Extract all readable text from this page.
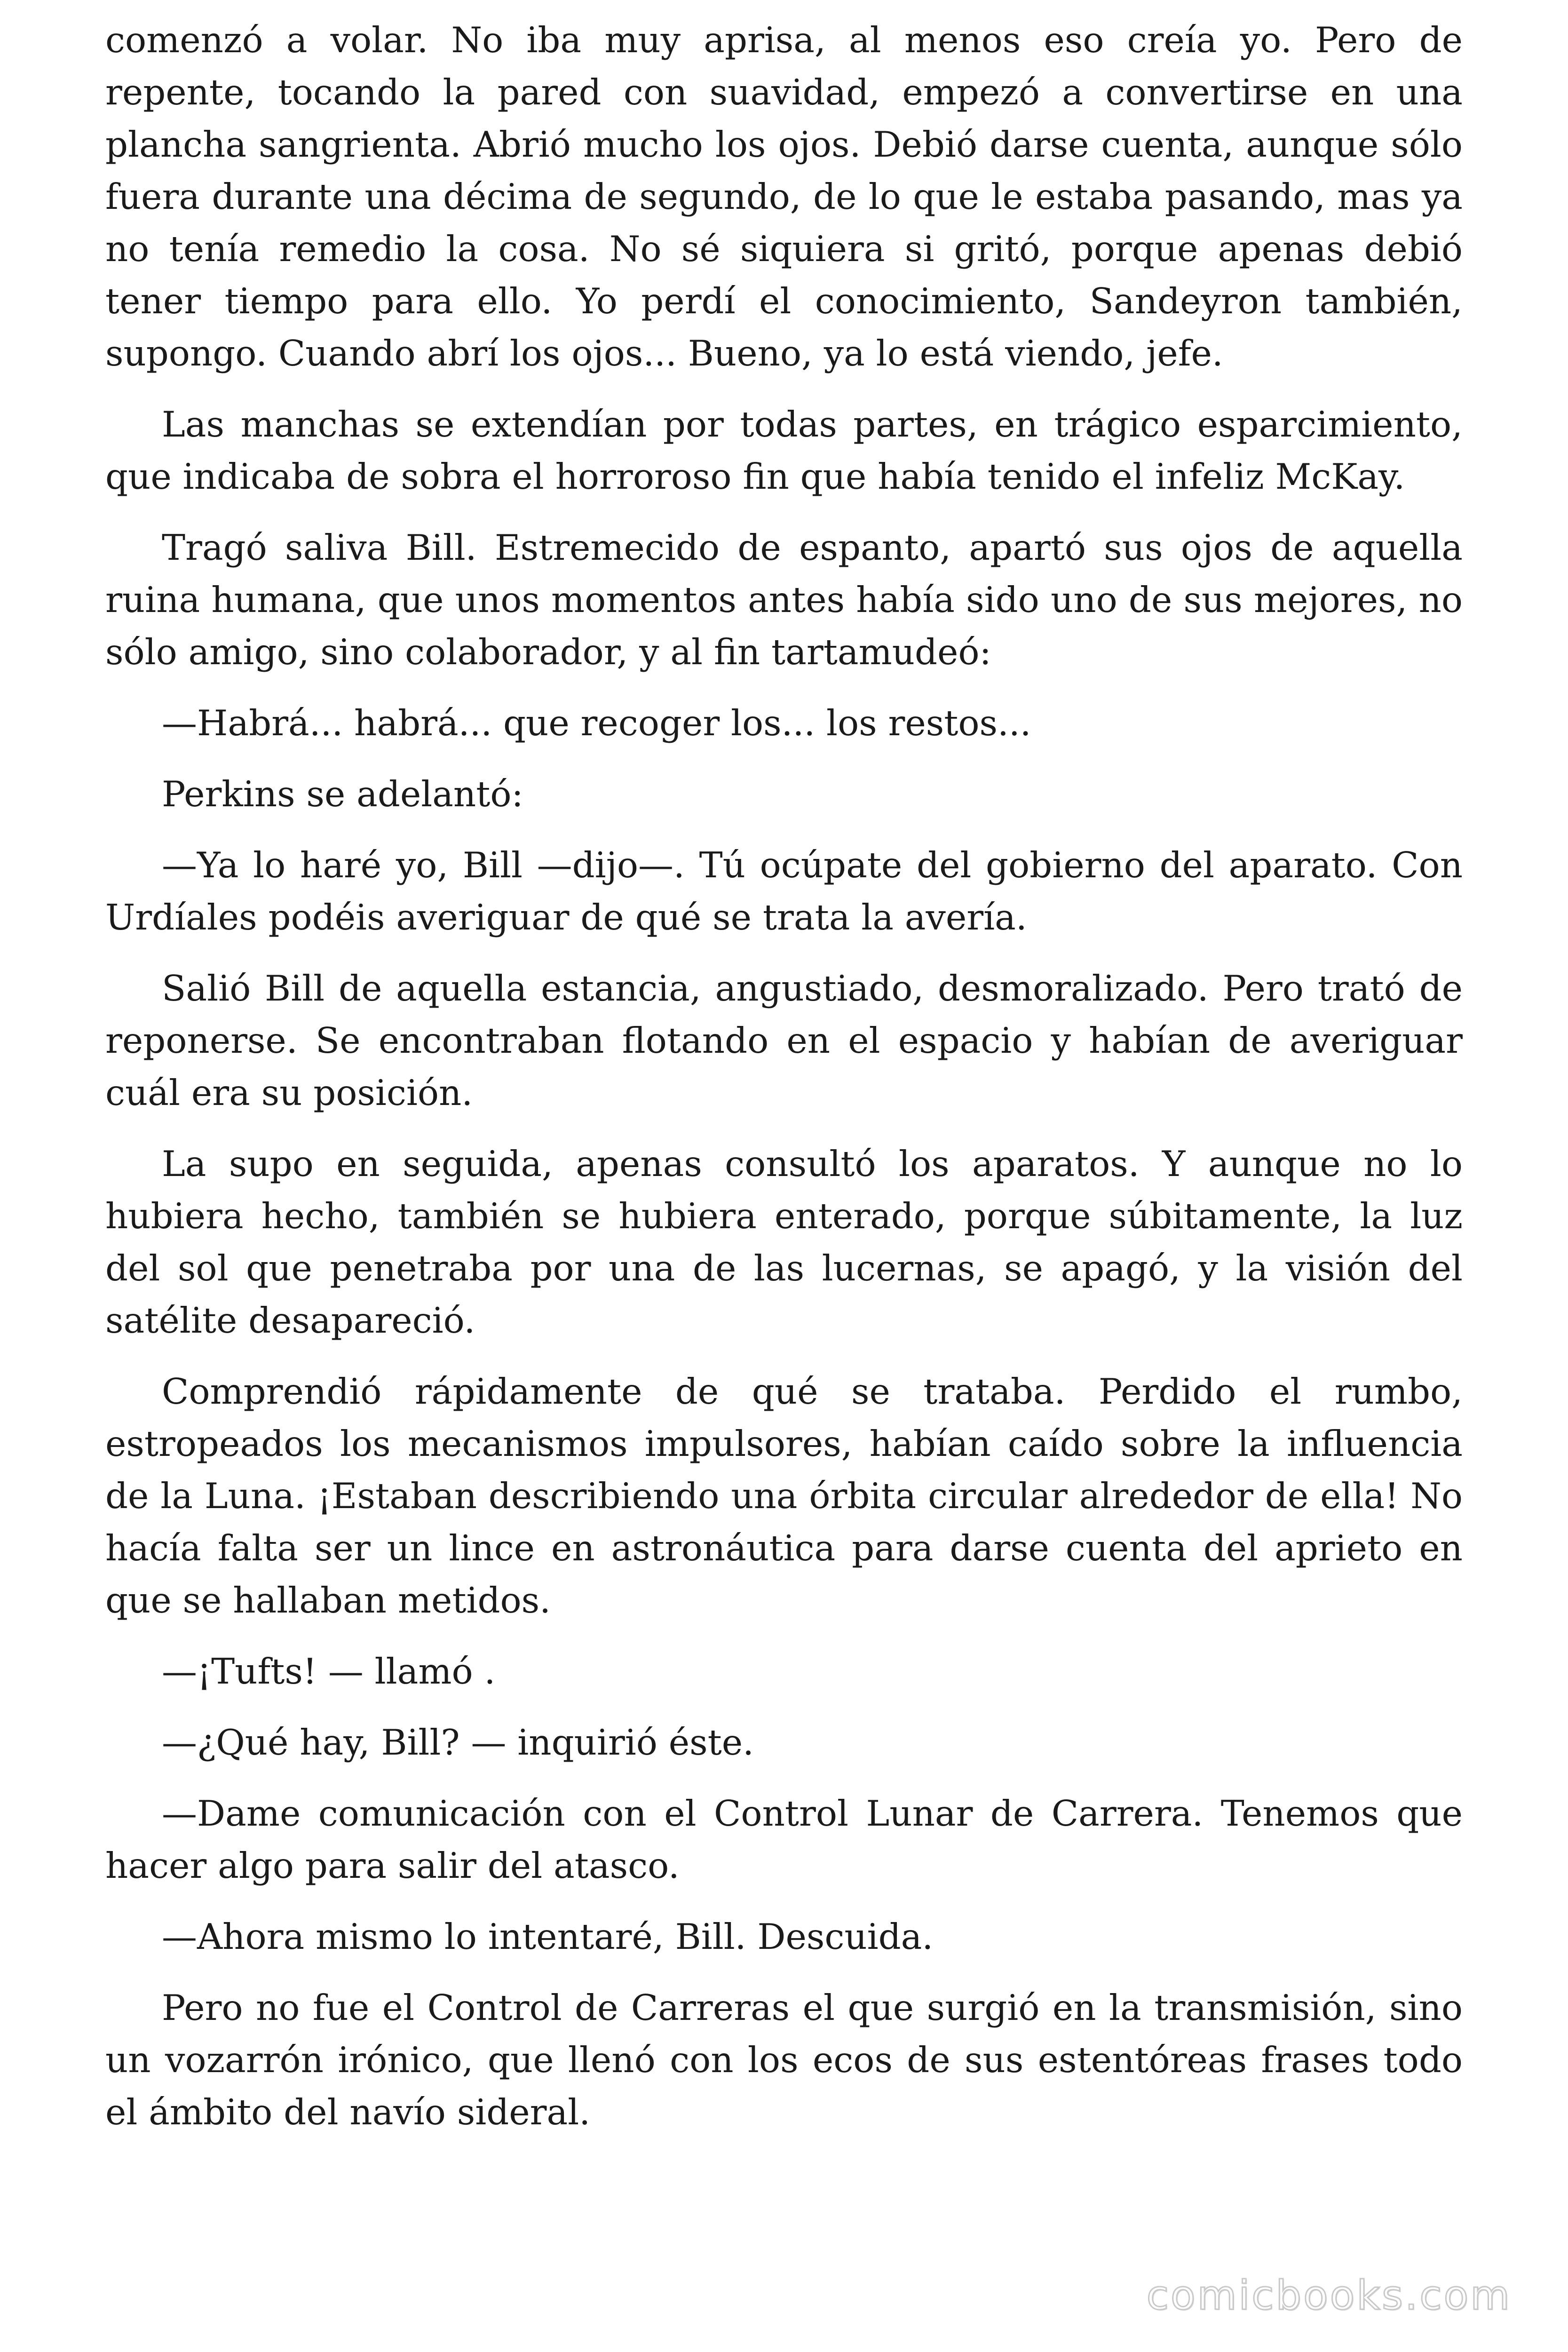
comenzó a volar. No iba muy aprisa, al menos eso creía yo. Pero de repente, tocando la pared con suavidad, empezó a convertirse en una plancha sangrienta. Abrió mucho los ojos. Debió darse cuenta, aunque sólo fuera durante una décima de segundo, de lo que le estaba pasando, mas ya no tenía remedio la cosa. No sé siquiera si gritó, porque apenas debió tener tiempo para ello. Yo perdí el conocimiento, Sandeyron también, supongo. Cuando abrí los ojos... Bueno, ya lo está viendo, jefe.

Las manchas se extendían por todas partes, en trágico esparcimiento, que indicaba de sobra el horroroso fin que había tenido el infeliz McKay.

Tragó saliva Bill. Estremecido de espanto, apartó sus ojos de aquella ruina humana, que unos momentos antes había sido uno de sus mejores, no sólo amigo, sino colaborador, y al fin tartamudeó:

—Habrá... habrá... que recoger los... los restos...

Perkins se adelantó:

—Ya lo haré yo, Bill —dijo—. Tú ocúpate del gobierno del aparato. Con Urdíales podéis averiguar de qué se trata la avería.

Salió Bill de aquella estancia, angustiado, desmoralizado. Pero trató de reponerse. Se encontraban flotando en el espacio y habían de averiguar cuál era su posición.

La supo en seguida, apenas consultó los aparatos. Y aunque no lo hubiera hecho, también se hubiera enterado, porque súbitamente, la luz del sol que penetraba por una de las lucernas, se apagó, y la visión del satélite desapareció.

Comprendió rápidamente de qué se trataba. Perdido el rumbo, estropeados los mecanismos impulsores, habían caído sobre la influencia de la Luna. ¡Estaban describiendo una órbita circular alrededor de ella! No hacía falta ser un lince en astronáutica para darse cuenta del aprieto en que se hallaban metidos.

—¡Tufts! — llamó .

—¿Qué hay, Bill? — inquirió éste.

—Dame comunicación con el Control Lunar de Carrera. Tenemos que hacer algo para salir del atasco.

—Ahora mismo lo intentaré, Bill. Descuida.

Pero no fue el Control de Carreras el que surgió en la transmisión, sino un vozarrón irónico, que llenó con los ecos de sus estentóreas frases todo el ámbito del navío sideral.

comicbooks.com
